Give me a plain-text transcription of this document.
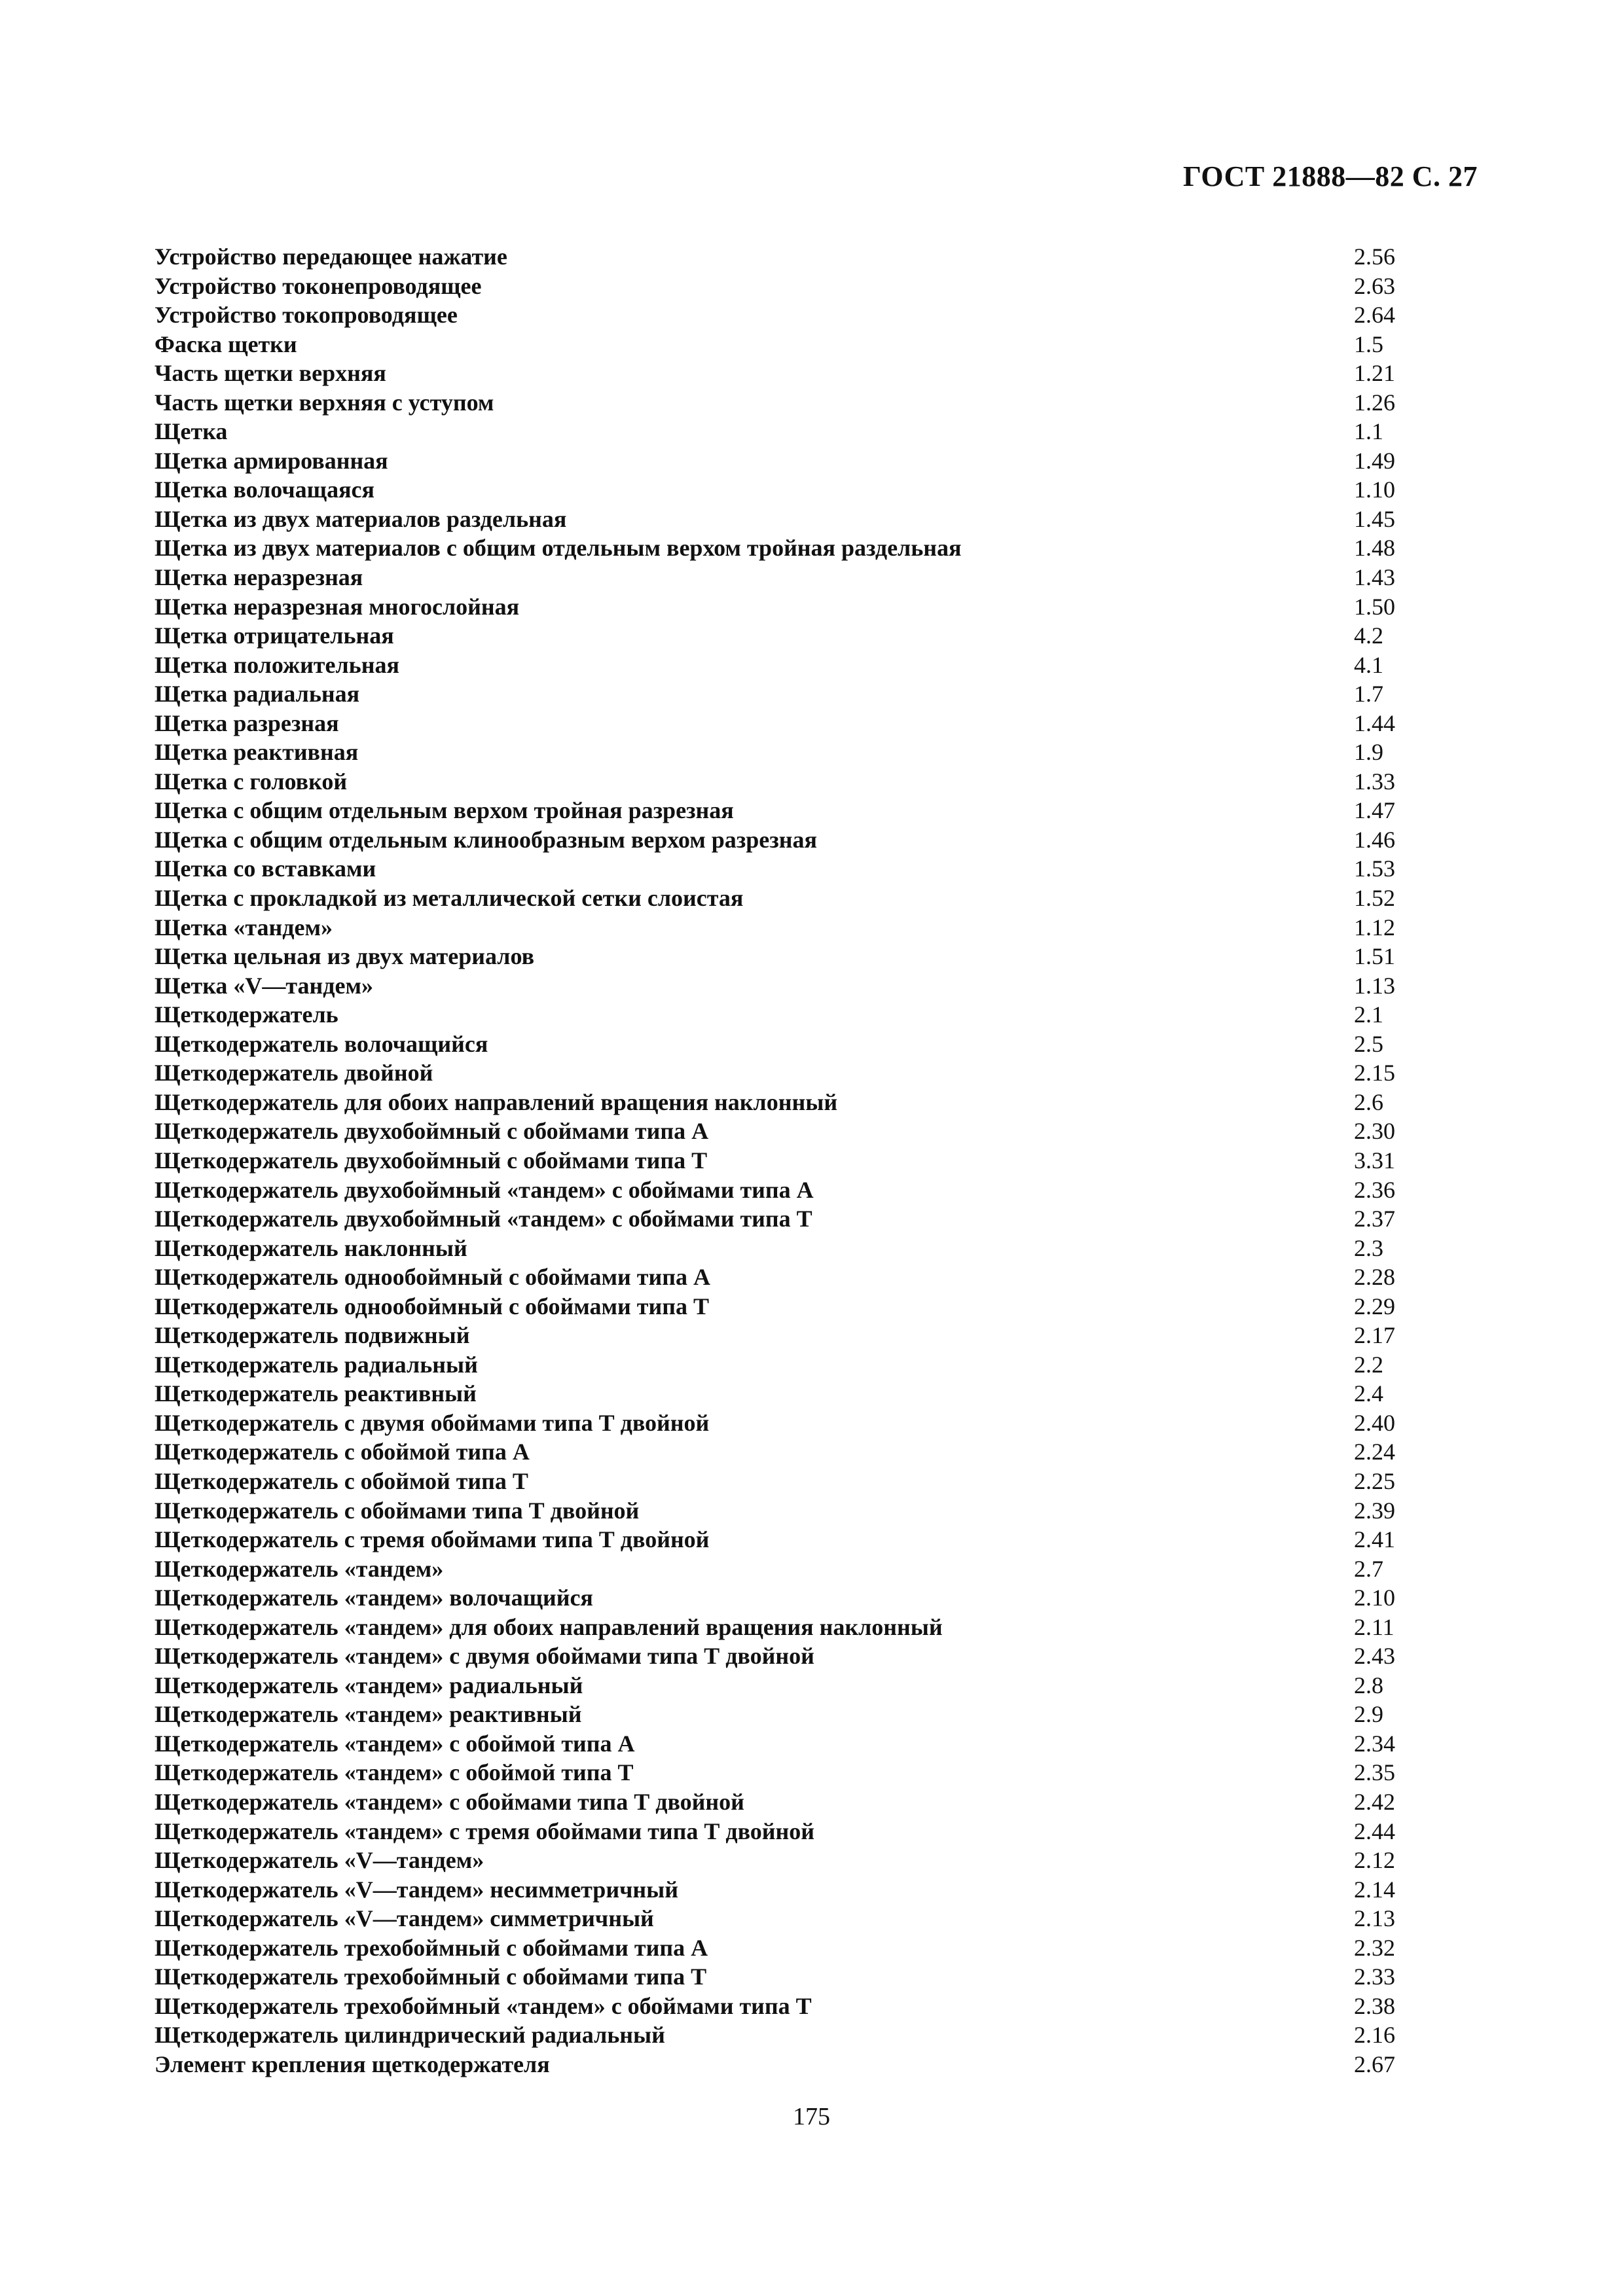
ГОСТ 21888—82 С. 27
Устройство передающее нажатие	2.56
Устройство токонепроводящее	2.63
Устройство токопроводящее	2.64
Фаска щетки	1.5
Часть щетки верхняя	1.21
Часть щетки верхняя с уступом	1.26
Щетка	1.1
Щетка армированная	1.49
Щетка волочащаяся	1.10
Щетка из двух материалов раздельная	1.45
Щетка из двух материалов с общим отдельным верхом тройная раздельная	1.48
Щетка неразрезная	1.43
Щетка неразрезная многослойная	1.50
Щетка отрицательная	4.2
Щетка положительная	4.1
Щетка радиальная	1.7
Щетка разрезная	1.44
Щетка реактивная	1.9
Щетка с головкой	1.33
Щетка с общим отдельным верхом тройная разрезная	1.47
Щетка с общим отдельным клинообразным верхом разрезная	1.46
Щетка со вставками	1.53
Щетка с прокладкой из металлической сетки слоистая	1.52
Щетка «тандем»	1.12
Щетка цельная из двух материалов	1.51
Щетка «V—тандем»	1.13
Щеткодержатель	2.1
Щеткодержатель волочащийся	2.5
Щеткодержатель двойной	2.15
Щеткодержатель для обоих направлений вращения наклонный	2.6
Щеткодержатель двухобоймный с обоймами типа А	2.30
Щеткодержатель двухобоймный с обоймами типа Т	3.31
Щеткодержатель двухобоймный «тандем» с обоймами типа А	2.36
Щеткодержатель двухобоймный «тандем» с обоймами типа Т	2.37
Щеткодержатель наклонный	2.3
Щеткодержатель однообоймный с обоймами типа А	2.28
Щеткодержатель однообоймный с обоймами типа Т	2.29
Щеткодержатель подвижный	2.17
Щеткодержатель радиальный	2.2
Щеткодержатель реактивный	2.4
Щеткодержатель с двумя обоймами типа Т двойной	2.40
Щеткодержатель с обоймой типа А	2.24
Щеткодержатель с обоймой типа Т	2.25
Щеткодержатель с обоймами типа Т двойной	2.39
Щеткодержатель с тремя обоймами типа Т двойной	2.41
Щеткодержатель «тандем»	2.7
Щеткодержатель «тандем» волочащийся	2.10
Щеткодержатель «тандем» для обоих направлений вращения наклонный	2.11
Щеткодержатель «тандем» с двумя обоймами типа Т двойной	2.43
Щеткодержатель «тандем» радиальный	2.8
Щеткодержатель «тандем» реактивный	2.9
Щеткодержатель «тандем» с обоймой типа А	2.34
Щеткодержатель «тандем» с обоймой типа Т	2.35
Щеткодержатель «тандем» с обоймами типа Т двойной	2.42
Щеткодержатель «тандем» с тремя обоймами типа Т двойной	2.44
Щеткодержатель «V—тандем»	2.12
Щеткодержатель «V—тандем» несимметричный	2.14
Щеткодержатель «V—тандем» симметричный	2.13
Щеткодержатель трехобоймный с обоймами типа А	2.32
Щеткодержатель трехобоймный с обоймами типа Т	2.33
Щеткодержатель трехобоймный «тандем» с обоймами типа Т	2.38
Щеткодержатель цилиндрический радиальный	2.16
Элемент крепления щеткодержателя	2.67
175
